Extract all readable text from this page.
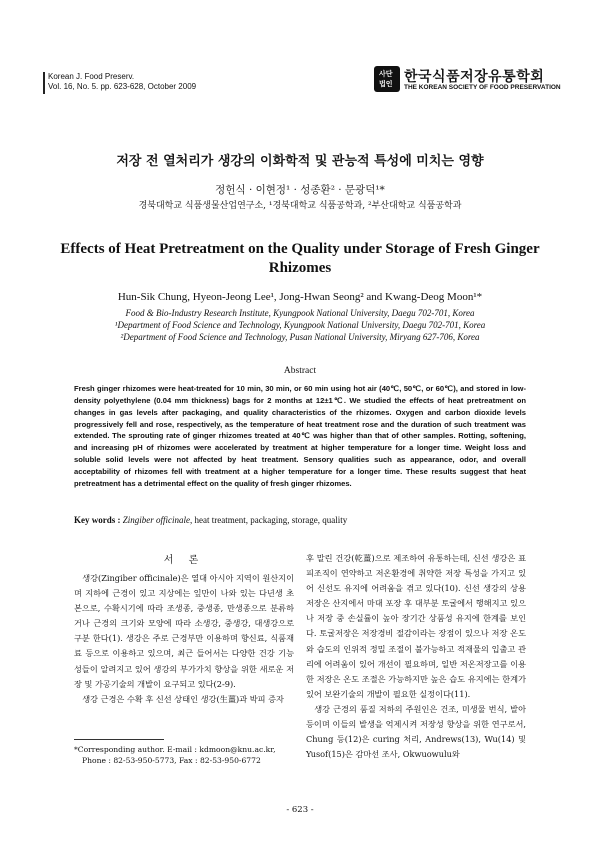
Korean J. Food Preserv.
Vol. 16, No. 5. pp. 623-628, October 2009
사단
법인 한국식품저장유통학회
THE KOREAN SOCIETY OF FOOD PRESERVATION
저장 전 열처리가 생강의 이화학적 및 관능적 특성에 미치는 영향
정헌식 · 이현정¹ · 성종환² · 문광덕¹*
경북대학교 식품생물산업연구소, ¹경북대학교 식품공학과, ²부산대학교 식품공학과
Effects of Heat Pretreatment on the Quality under Storage of Fresh Ginger Rhizomes
Hun-Sik Chung, Hyeon-Jeong Lee¹, Jong-Hwan Seong² and Kwang-Deog Moon¹*
Food & Bio-Industry Research Institute, Kyungpook National University, Daegu 702-701, Korea
¹Department of Food Science and Technology, Kyungpook National University, Daegu 702-701, Korea
²Department of Food Science and Technology, Pusan National University, Miryang 627-706, Korea
Abstract

Fresh ginger rhizomes were heat-treated for 10 min, 30 min, or 60 min using hot air (40℃, 50℃, or 60℃), and stored in low-density polyethylene (0.04 mm thickness) bags for 2 months at 12±1℃. We studied the effects of heat pretreatment on changes in gas levels after packaging, and quality characteristics of the rhizomes. Oxygen and carbon dioxide levels progressively fell and rose, respectively, as the temperature of heat treatment rose and the duration of such treatment was extended. The sprouting rate of ginger rhizomes treated at 40℃ was higher than that of other samples. Rotting, softening, and increasing pH of rhizomes were accelerated by treatment at higher temperature for a longer time. Weight loss and soluble solid levels were not affected by heat treatment. Sensory qualities such as appearance, odor, and overall acceptability of rhizomes fell with treatment at a higher temperature for a longer time. These results suggest that heat pretreatment has a detrimental effect on the quality of fresh ginger rhizomes.

Key words : Zingiber officinale, heat treatment, packaging, storage, quality
서 론

생강(Zingiber officinale)은 열대 아시아 지역이 원산지이며 지하에 근경이 있고 지상에는 잎만이 나와 있는 다년생 초본으로, 수확시기에 따라 조생종, 중생종, 만생종으로 분류하거나 근경의 크기와 모양에 따라 소생강, 중생강, 대생강으로 구분 한다(1). 생강은 주로 근경부만 이용하며 향신료, 식품재료 등으로 이용하고 있으며, 최근 들어서는 다양한 건강 기능성들이 알려지고 있어 생강의 부가가치 향상을 위한 새로운 저장 및 가공기술의 개발이 요구되고 있다(2-9).

생강 근경은 수확 후 신선 상태인 생강(生薑)과 박피 증자

후 말린 건강(乾薑)으로 제조하여 유통하는데, 신선 생강은 표피조직이 연약하고 저온환경에 취약한 저장 특성을 가지고 있어 신선도 유지에 어려움을 겪고 있다(10). 신선 생강의 상용 저장은 산지에서 마대 포장 후 대부분 토굴에서 행해지고 있으나 저장 중 손실률이 높아 장기간 상품성 유지에 한계를 보인다. 토굴저장은 저장경비 절감이라는 장점이 있으나 저장 온도와 습도의 인위적 정밀 조절이 불가능하고 적재물의 입출고 관리에 어려움이 있어 개선이 필요하며, 일반 저온저장고를 이용한 저장은 온도 조절은 가능하지만 높은 습도 유지에는 한계가 있어 보완기술의 개발이 필요한 실정이다(11).

생강 근경의 품질 저하의 주원인은 건조, 미생물 번식, 발아 등이며 이들의 발생을 억제시켜 저장성 향상을 위한 연구로서, Chung 등(12)은 curing 처리, Andrews(13), Wu(14) 및 Yusof(15)은 감마선 조사, Okwuowulu와

*Corresponding author. E-mail : kdmoon@knu.ac.kr,
Phone : 82-53-950-5773, Fax : 82-53-950-6772
- 623 -
